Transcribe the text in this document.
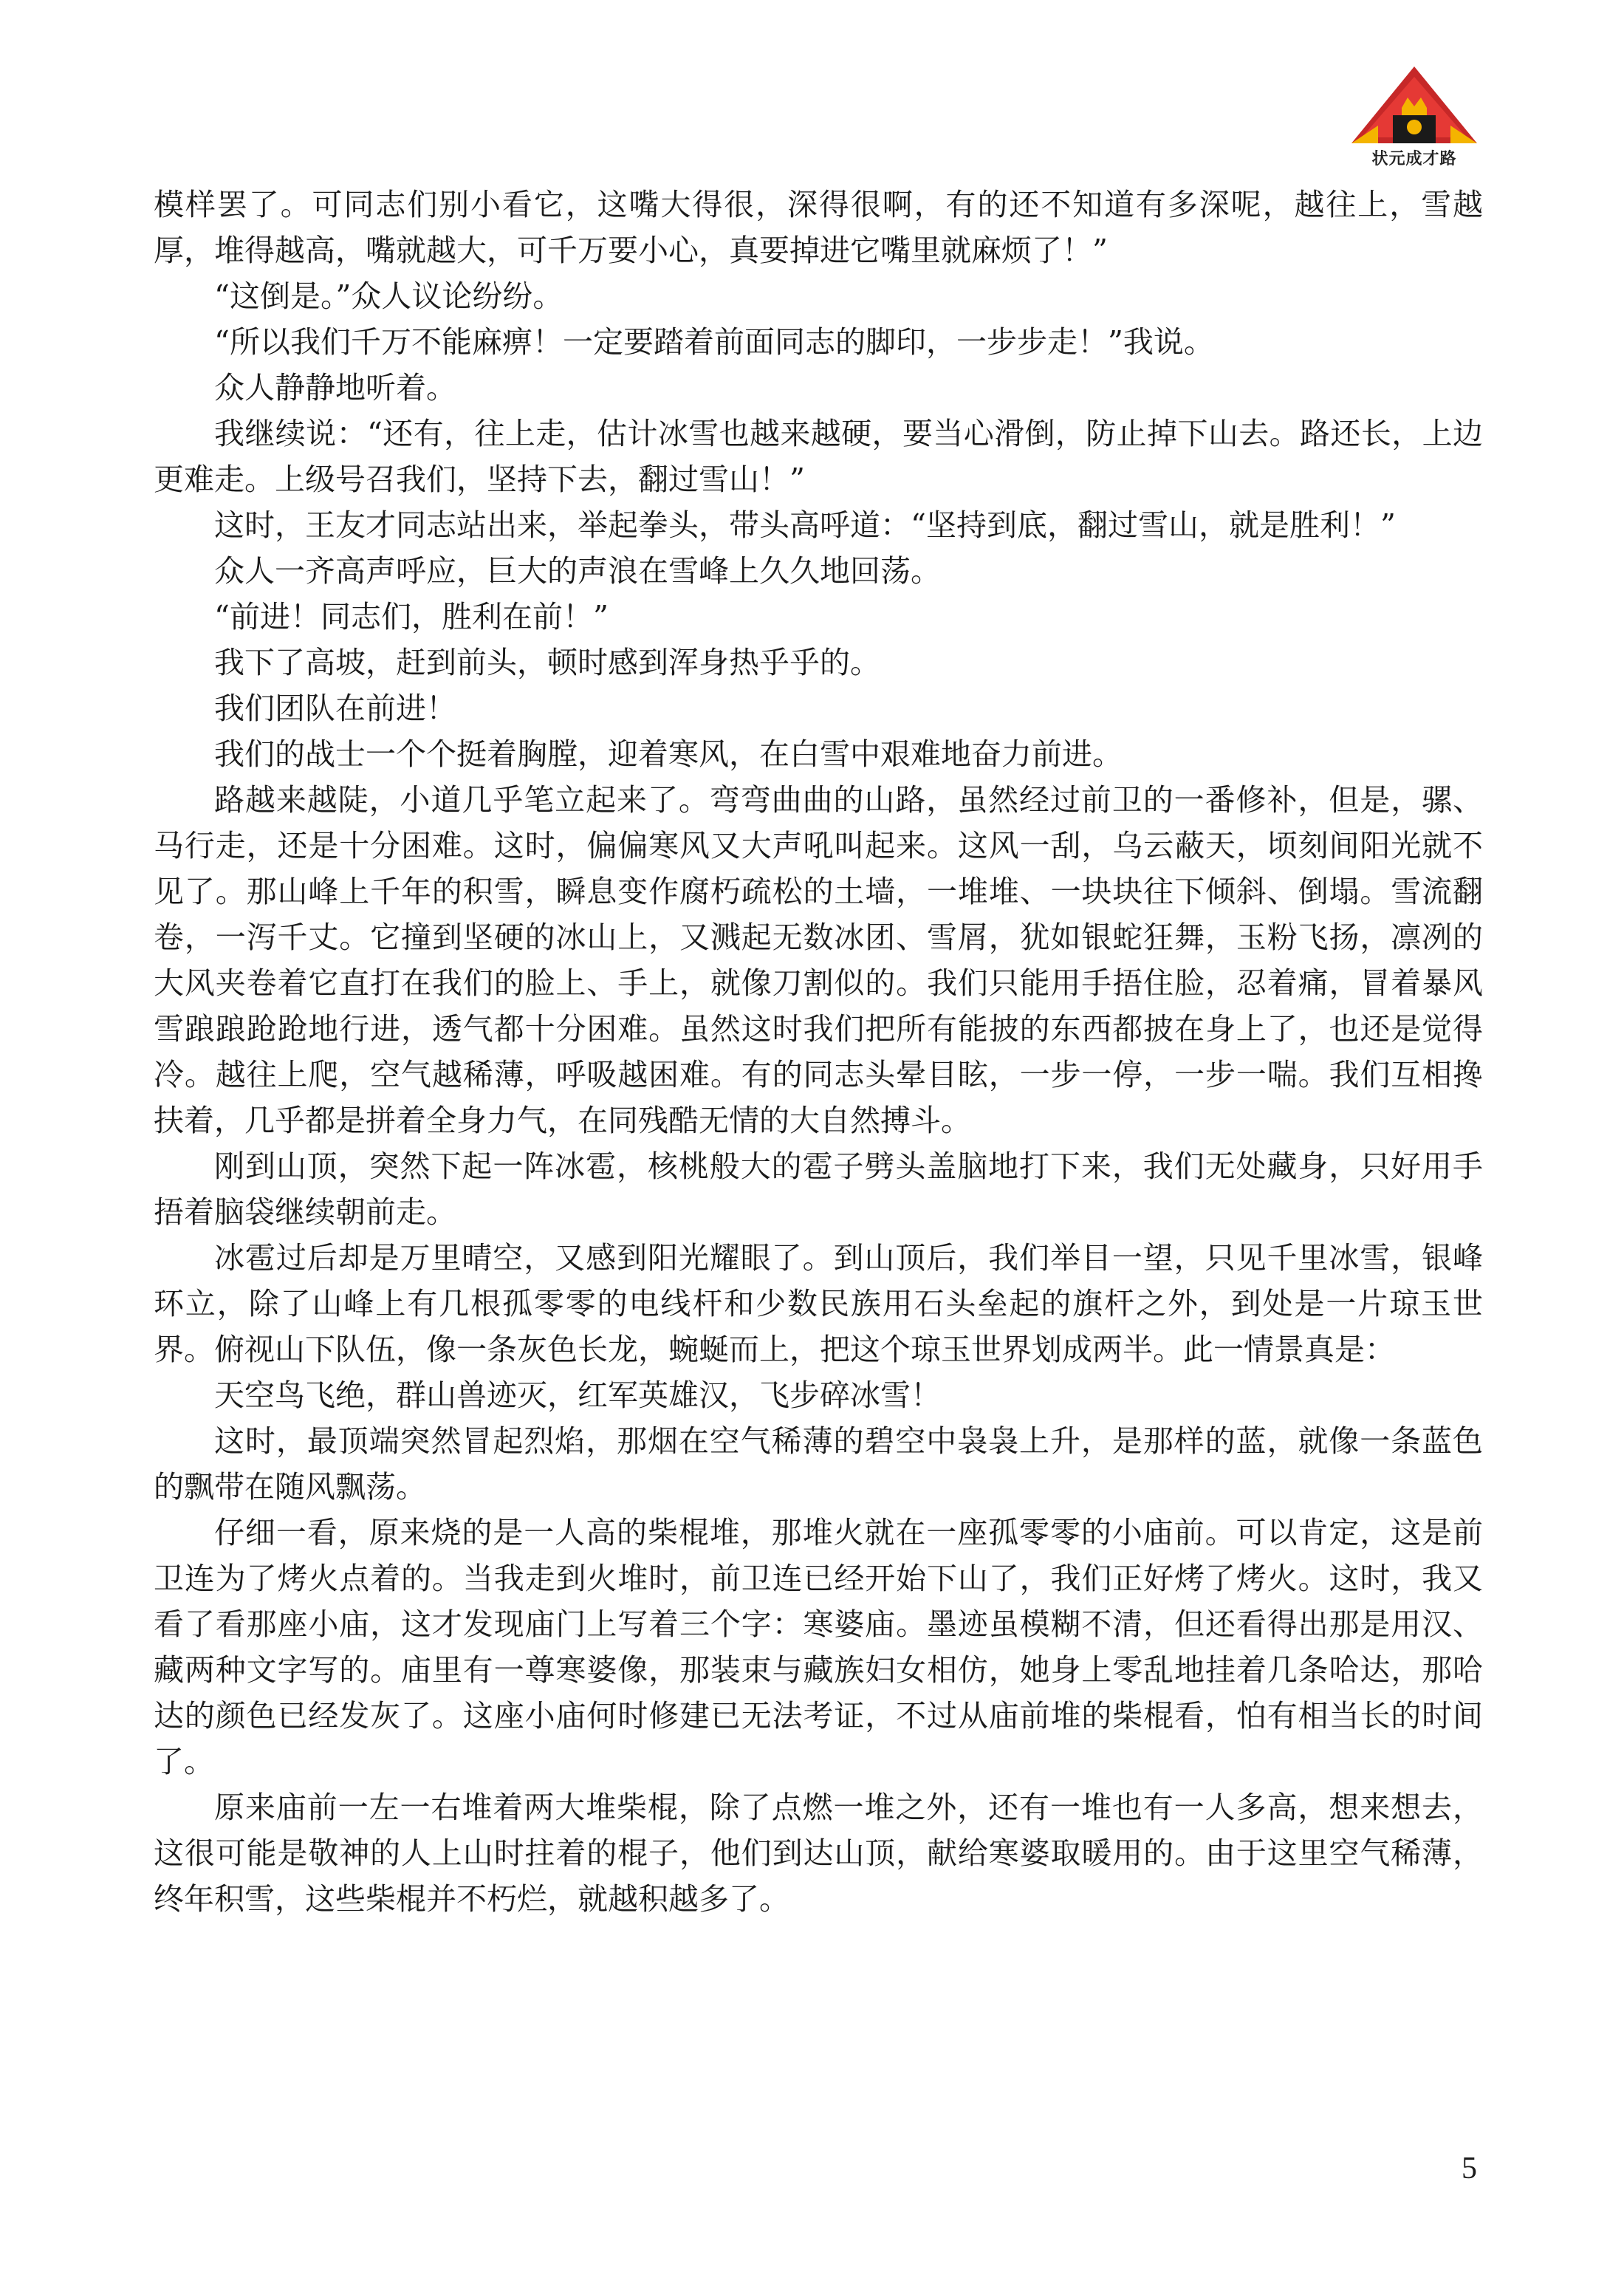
状元成才路

模样罢了。可同志们别小看它，这嘴大得很，深得很啊，有的还不知道有多深呢，越往上，雪越厚，堆得越高，嘴就越大，可千万要小心，真要掉进它嘴里就麻烦了！”

“这倒是。”众人议论纷纷。

“所以我们千万不能麻痹！一定要踏着前面同志的脚印，一步步走！”我说。

众人静静地听着。

我继续说：“还有，往上走，估计冰雪也越来越硬，要当心滑倒，防止掉下山去。路还长，上边更难走。上级号召我们，坚持下去，翻过雪山！”

这时，王友才同志站出来，举起拳头，带头高呼道：“坚持到底，翻过雪山，就是胜利！”

众人一齐高声呼应，巨大的声浪在雪峰上久久地回荡。

“前进！同志们，胜利在前！”

我下了高坡，赶到前头，顿时感到浑身热乎乎的。

我们团队在前进！

我们的战士一个个挺着胸膛，迎着寒风，在白雪中艰难地奋力前进。

路越来越陡，小道几乎笔立起来了。弯弯曲曲的山路，虽然经过前卫的一番修补，但是，骡、马行走，还是十分困难。这时，偏偏寒风又大声吼叫起来。这风一刮，乌云蔽天，顷刻间阳光就不见了。那山峰上千年的积雪，瞬息变作腐朽疏松的土墙，一堆堆、一块块往下倾斜、倒塌。雪流翻卷，一泻千丈。它撞到坚硬的冰山上，又溅起无数冰团、雪屑，犹如银蛇狂舞，玉粉飞扬，凛冽的大风夹卷着它直打在我们的脸上、手上，就像刀割似的。我们只能用手捂住脸，忍着痛，冒着暴风雪踉踉跄跄地行进，透气都十分困难。虽然这时我们把所有能披的东西都披在身上了，也还是觉得冷。越往上爬，空气越稀薄，呼吸越困难。有的同志头晕目眩，一步一停，一步一喘。我们互相搀扶着，几乎都是拼着全身力气，在同残酷无情的大自然搏斗。

刚到山顶，突然下起一阵冰雹，核桃般大的雹子劈头盖脑地打下来，我们无处藏身，只好用手捂着脑袋继续朝前走。

冰雹过后却是万里晴空，又感到阳光耀眼了。到山顶后，我们举目一望，只见千里冰雪，银峰环立，除了山峰上有几根孤零零的电线杆和少数民族用石头垒起的旗杆之外，到处是一片琼玉世界。俯视山下队伍，像一条灰色长龙，蜿蜒而上，把这个琼玉世界划成两半。此一情景真是：

天空鸟飞绝，群山兽迹灭，红军英雄汉，飞步碎冰雪！

这时，最顶端突然冒起烈焰，那烟在空气稀薄的碧空中袅袅上升，是那样的蓝，就像一条蓝色的飘带在随风飘荡。

仔细一看，原来烧的是一人高的柴棍堆，那堆火就在一座孤零零的小庙前。可以肯定，这是前卫连为了烤火点着的。当我走到火堆时，前卫连已经开始下山了，我们正好烤了烤火。这时，我又看了看那座小庙，这才发现庙门上写着三个字：寒婆庙。墨迹虽模糊不清，但还看得出那是用汉、藏两种文字写的。庙里有一尊寒婆像，那装束与藏族妇女相仿，她身上零乱地挂着几条哈达，那哈达的颜色已经发灰了。这座小庙何时修建已无法考证，不过从庙前堆的柴棍看，怕有相当长的时间了。

原来庙前一左一右堆着两大堆柴棍，除了点燃一堆之外，还有一堆也有一人多高，想来想去，这很可能是敬神的人上山时拄着的棍子，他们到达山顶，献给寒婆取暖用的。由于这里空气稀薄，终年积雪，这些柴棍并不朽烂，就越积越多了。

5
